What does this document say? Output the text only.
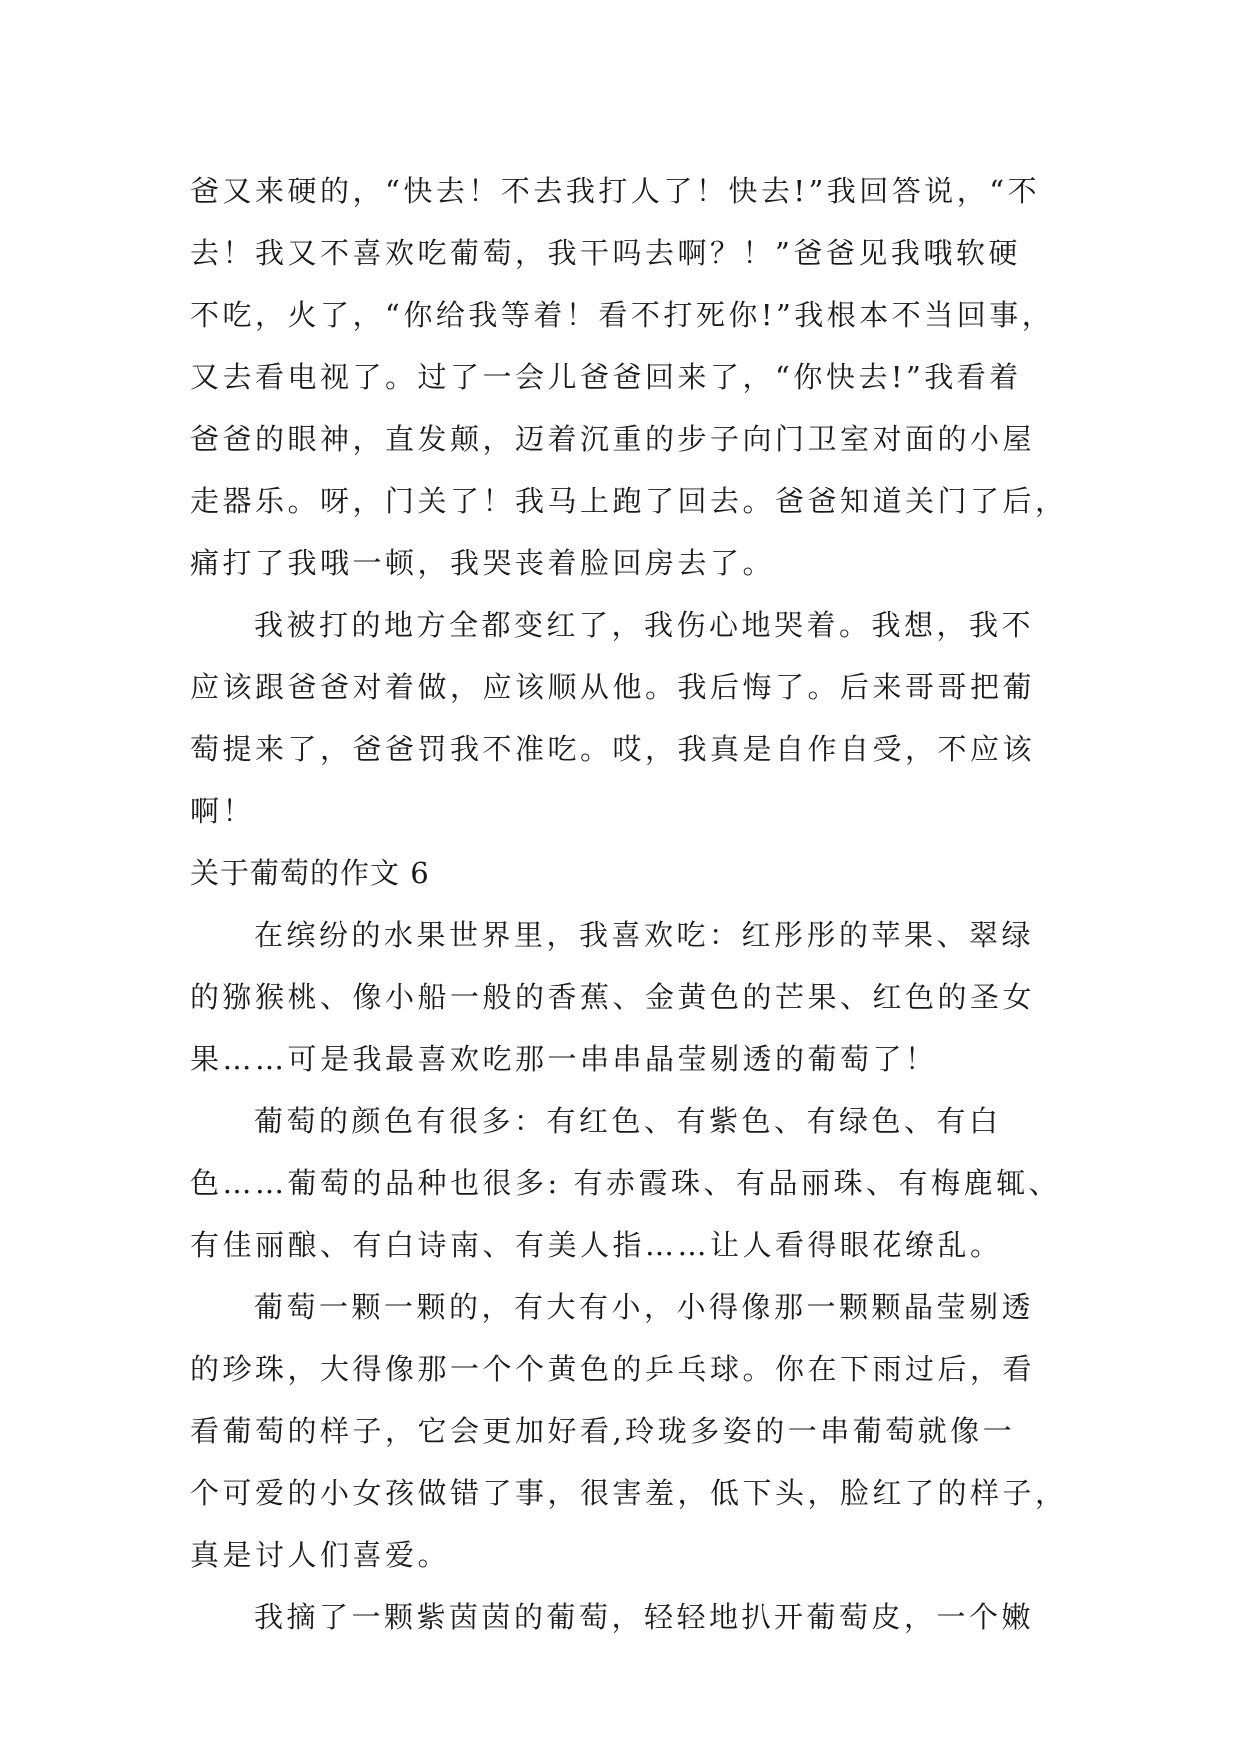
爸又来硬的，“快去！不去我打人了！快去!”我回答说，“不
去！我又不喜欢吃葡萄，我干吗去啊？！”爸爸见我哦软硬
不吃，火了，“你给我等着！看不打死你!”我根本不当回事，
又去看电视了。过了一会儿爸爸回来了，“你快去!”我看着
爸爸的眼神，直发颠，迈着沉重的步子向门卫室对面的小屋
走器乐。呀，门关了！我马上跑了回去。爸爸知道关门了后，
痛打了我哦一顿，我哭丧着脸回房去了。
我被打的地方全都变红了，我伤心地哭着。我想，我不
应该跟爸爸对着做，应该顺从他。我后悔了。后来哥哥把葡
萄提来了，爸爸罚我不准吃。哎，我真是自作自受，不应该
啊！
关于葡萄的作文 6
在缤纷的水果世界里，我喜欢吃：红彤彤的苹果、翠绿
的猕猴桃、像小船一般的香蕉、金黄色的芒果、红色的圣女
果……可是我最喜欢吃那一串串晶莹剔透的葡萄了！
葡萄的颜色有很多：有红色、有紫色、有绿色、有白
色……葡萄的品种也很多: 有赤霞珠、有品丽珠、有梅鹿辄、
有佳丽酿、有白诗南、有美人指……让人看得眼花缭乱。
葡萄一颗一颗的，有大有小，小得像那一颗颗晶莹剔透
的珍珠，大得像那一个个黄色的乒乓球。你在下雨过后，看
看葡萄的样子，它会更加好看,玲珑多姿的一串葡萄就像一
个可爱的小女孩做错了事，很害羞，低下头，脸红了的样子，
真是讨人们喜爱。
我摘了一颗紫茵茵的葡萄，轻轻地扒开葡萄皮，一个嫩
